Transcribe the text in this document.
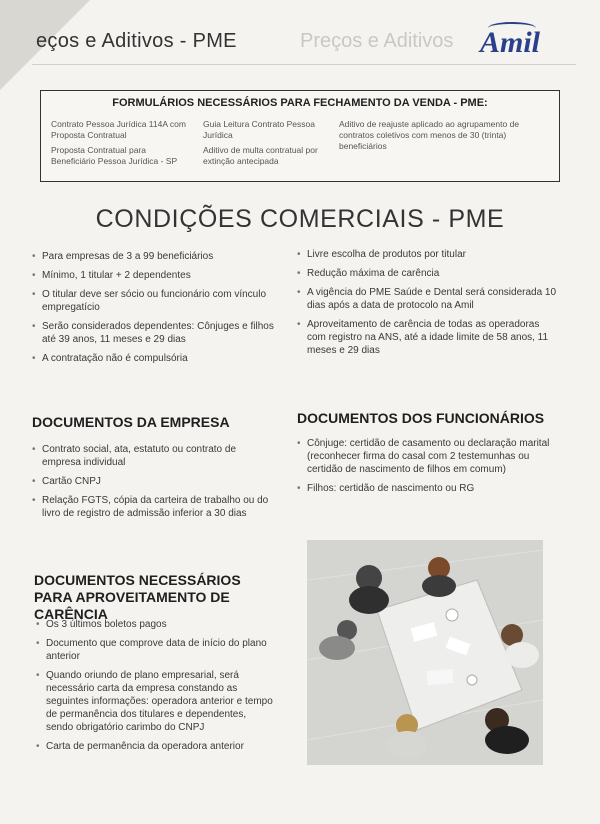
eços e Aditivos - PME	Preços e Aditivos Amil
FORMULÁRIOS NECESSÁRIOS PARA FECHAMENTO DA VENDA - PME:
Contrato Pessoa Jurídica 114A com Proposta Contratual
Proposta Contratual para Beneficiário Pessoa Jurídica - SP
Guia Leitura Contrato Pessoa Jurídica
Aditivo de multa contratual por extinção antecipada
Aditivo de reajuste aplicado ao agrupamento de contratos coletivos com menos de 30 (trinta) beneficiários
CONDIÇÕES COMERCIAIS - PME
• Para empresas de 3 a 99 beneficiários
• Mínimo, 1 titular + 2 dependentes
• O titular deve ser sócio ou funcionário com vínculo empregatício
• Serão considerados dependentes: Cônjuges e filhos até 39 anos, 11 meses e 29 dias
• A contratação não é compulsória
• Livre escolha de produtos por titular
• Redução máxima de carência
• A vigência do PME Saúde e Dental será considerada 10 dias após a data de protocolo na Amil
• Aproveitamento de carência de todas as operadoras com registro na ANS, até a idade limite de 58 anos, 11 meses e 29 dias
DOCUMENTOS DA EMPRESA
• Contrato social, ata, estatuto ou contrato de empresa individual
• Cartão CNPJ
• Relação FGTS, cópia da carteira de trabalho ou do livro de registro de admissão inferior a 30 dias
DOCUMENTOS DOS FUNCIONÁRIOS
• Cônjuge: certidão de casamento ou declaração marital (reconhecer firma do casal com 2 testemunhas ou certidão de nascimento de filhos em comum)
• Filhos: certidão de nascimento ou RG
DOCUMENTOS NECESSÁRIOS PARA APROVEITAMENTO DE CARÊNCIA
• Os 3 últimos boletos pagos
• Documento que comprove data de início do plano anterior
• Quando oriundo de plano empresarial, será necessário carta da empresa constando as seguintes informações: operadora anterior e tempo de permanência dos titulares e dependentes, sendo obrigatório carimbo do CNPJ
• Carta de permanência da operadora anterior
